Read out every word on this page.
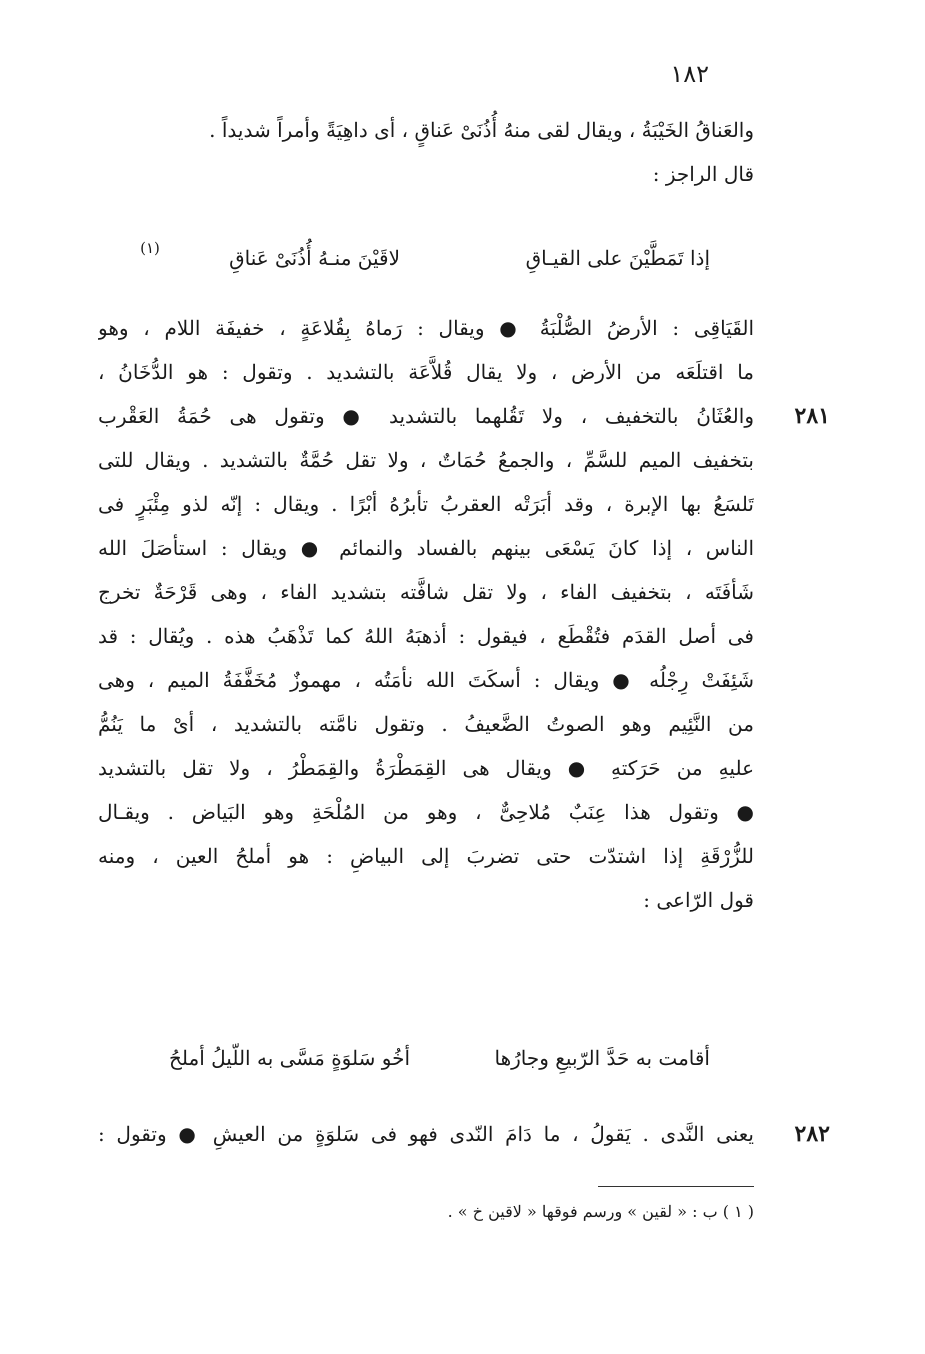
١٨٢
والعَناقُ الخَيْبَةُ ، ويقال لقى منهُ أُذُنَىْ عَناقٍ ، أى داهِيَةً وأمراً شديداً .
قال الراجز :
إذا تَمَطَّيْنَ على القيـاقِ
لاقَيْنَ منـهُ أُذُنَىْ عَناقِ
(١)
القَيَاقِى : الأرضُ الصُّلْبَةُ ● ويقال : رَماهُ بِقُلاعَةٍ ، خفيفَة اللام ، وهو
ما اقتلَعَه من الأرض ، ولا يقال قُلاَّعَة بالتشديد . وتقول : هو الدُّخَانُ ،
والعُثَانُ بالتخفيف ، ولا تَقُلهما بالتشديد ● وتقول هى حُمَةُ العَقْرب
بتخفيف الميم للسَّمِّ ، والجمعُ حُمَاتٌ ، ولا تقل حُمَّةٌ بالتشديد . ويقال للتى
تَلسَعُ بها الإبرة ، وقد أبَرَتْه العقربُ تأبرُهُ أبْرًا . ويقال : إنّه لذو مِئْبَرٍ فى
الناس ، إذا كانَ يَسْعَى بينهم بالفساد والنمائم ● ويقال : استأصَلَ الله
شَأفَتَه ، بتخفيف الفاء ، ولا تقل شافَّته بتشديد الفاء ، وهى قَرْحَةٌ تخرج
فى أصل القدَم فتُقْطَع ، فيقول : أذهبَهُ اللهُ كما تَذْهَبُ هذه . ويُقال : قد
شَئِفَتْ رِجْلُه ● ويقال : أسكَتَ الله نأمَتُه ، مهموزٌ مُخَفَّفَةُ الميم ، وهى
من النَّئِيم وهو الصوتُ الضَّعيفُ . وتقول نامَّته بالتشديد ، أىْ ما يَنُمُّ
عليهِ من حَرَكتهِ ● ويقال هى القِمَطْرَةُ والقِمَطْرُ ، ولا تقل بالتشديد
● وتقول هذا عِنَبٌ مُلاحِىٌّ ، وهو من المُلْحَةِ وهو البَياض . ويقـال
للزُّرْقَةِ إذا اشتدّت حتى تضربَ إلى البياضِ : هو أملحُ العين ، ومنه
قول الرّاعى :
٢٨١
أقامت به حَدَّ الرّبيعِ وجارُها
أخُو سَلوَةٍ مَسَّى به اللّيلُ أملحُ
يعنى النَّدى . يَقولُ ، ما دَامَ النّدى فهو فى سَلوَةٍ من العيشِ ● وتقول :	٢٨٢
( ١ ) ب : « لقين » ورسم فوقها « لاقين خ » .
